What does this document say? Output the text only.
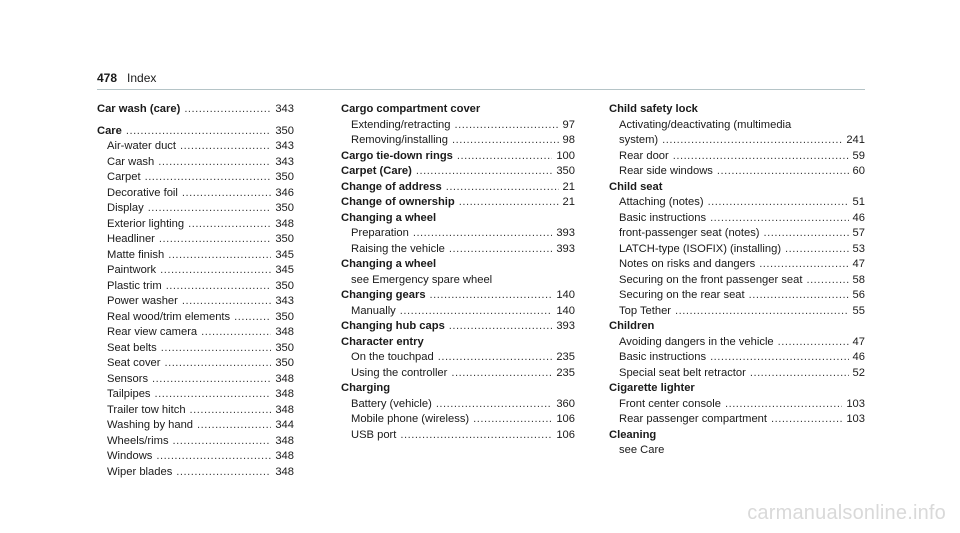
478 Index
Car wash (care) .....	343
Care .....	350
Air-water duct .....	343
Car wash .....	343
Carpet .....	350
Decorative foil .....	346
Display .....	350
Exterior lighting .....	348
Headliner .....	350
Matte finish .....	345
Paintwork .....	345
Plastic trim .....	350
Power washer .....	343
Real wood/trim elements .....	350
Rear view camera .....	348
Seat belts .....	350
Seat cover .....	350
Sensors .....	348
Tailpipes .....	348
Trailer tow hitch .....	348
Washing by hand .....	344
Wheels/rims .....	348
Windows .....	348
Wiper blades .....	348
Cargo compartment cover
Extending/retracting .....	97
Removing/installing .....	98
Cargo tie-down rings .....	100
Carpet (Care) .....	350
Change of address .....	21
Change of ownership .....	21
Changing a wheel
Preparation .....	393
Raising the vehicle .....	393
Changing a wheel
see Emergency spare wheel
Changing gears .....	140
Manually .....	140
Changing hub caps .....	393
Character entry
On the touchpad .....	235
Using the controller .....	235
Charging
Battery (vehicle) .....	360
Mobile phone (wireless) .....	106
USB port .....	106
Child safety lock
Activating/deactivating (multimedia
system) .....	241
Rear door .....	59
Rear side windows .....	60
Child seat
Attaching (notes) .....	51
Basic instructions .....	46
front-passenger seat (notes) .....	57
LATCH-type (ISOFIX) (installing) .....	53
Notes on risks and dangers .....	47
Securing on the front passenger seat .....	58
Securing on the rear seat .....	56
Top Tether .....	55
Children
Avoiding dangers in the vehicle .....	47
Basic instructions .....	46
Special seat belt retractor .....	52
Cigarette lighter
Front center console .....	103
Rear passenger compartment .....	103
Cleaning
see Care
carmanualsonline.info
